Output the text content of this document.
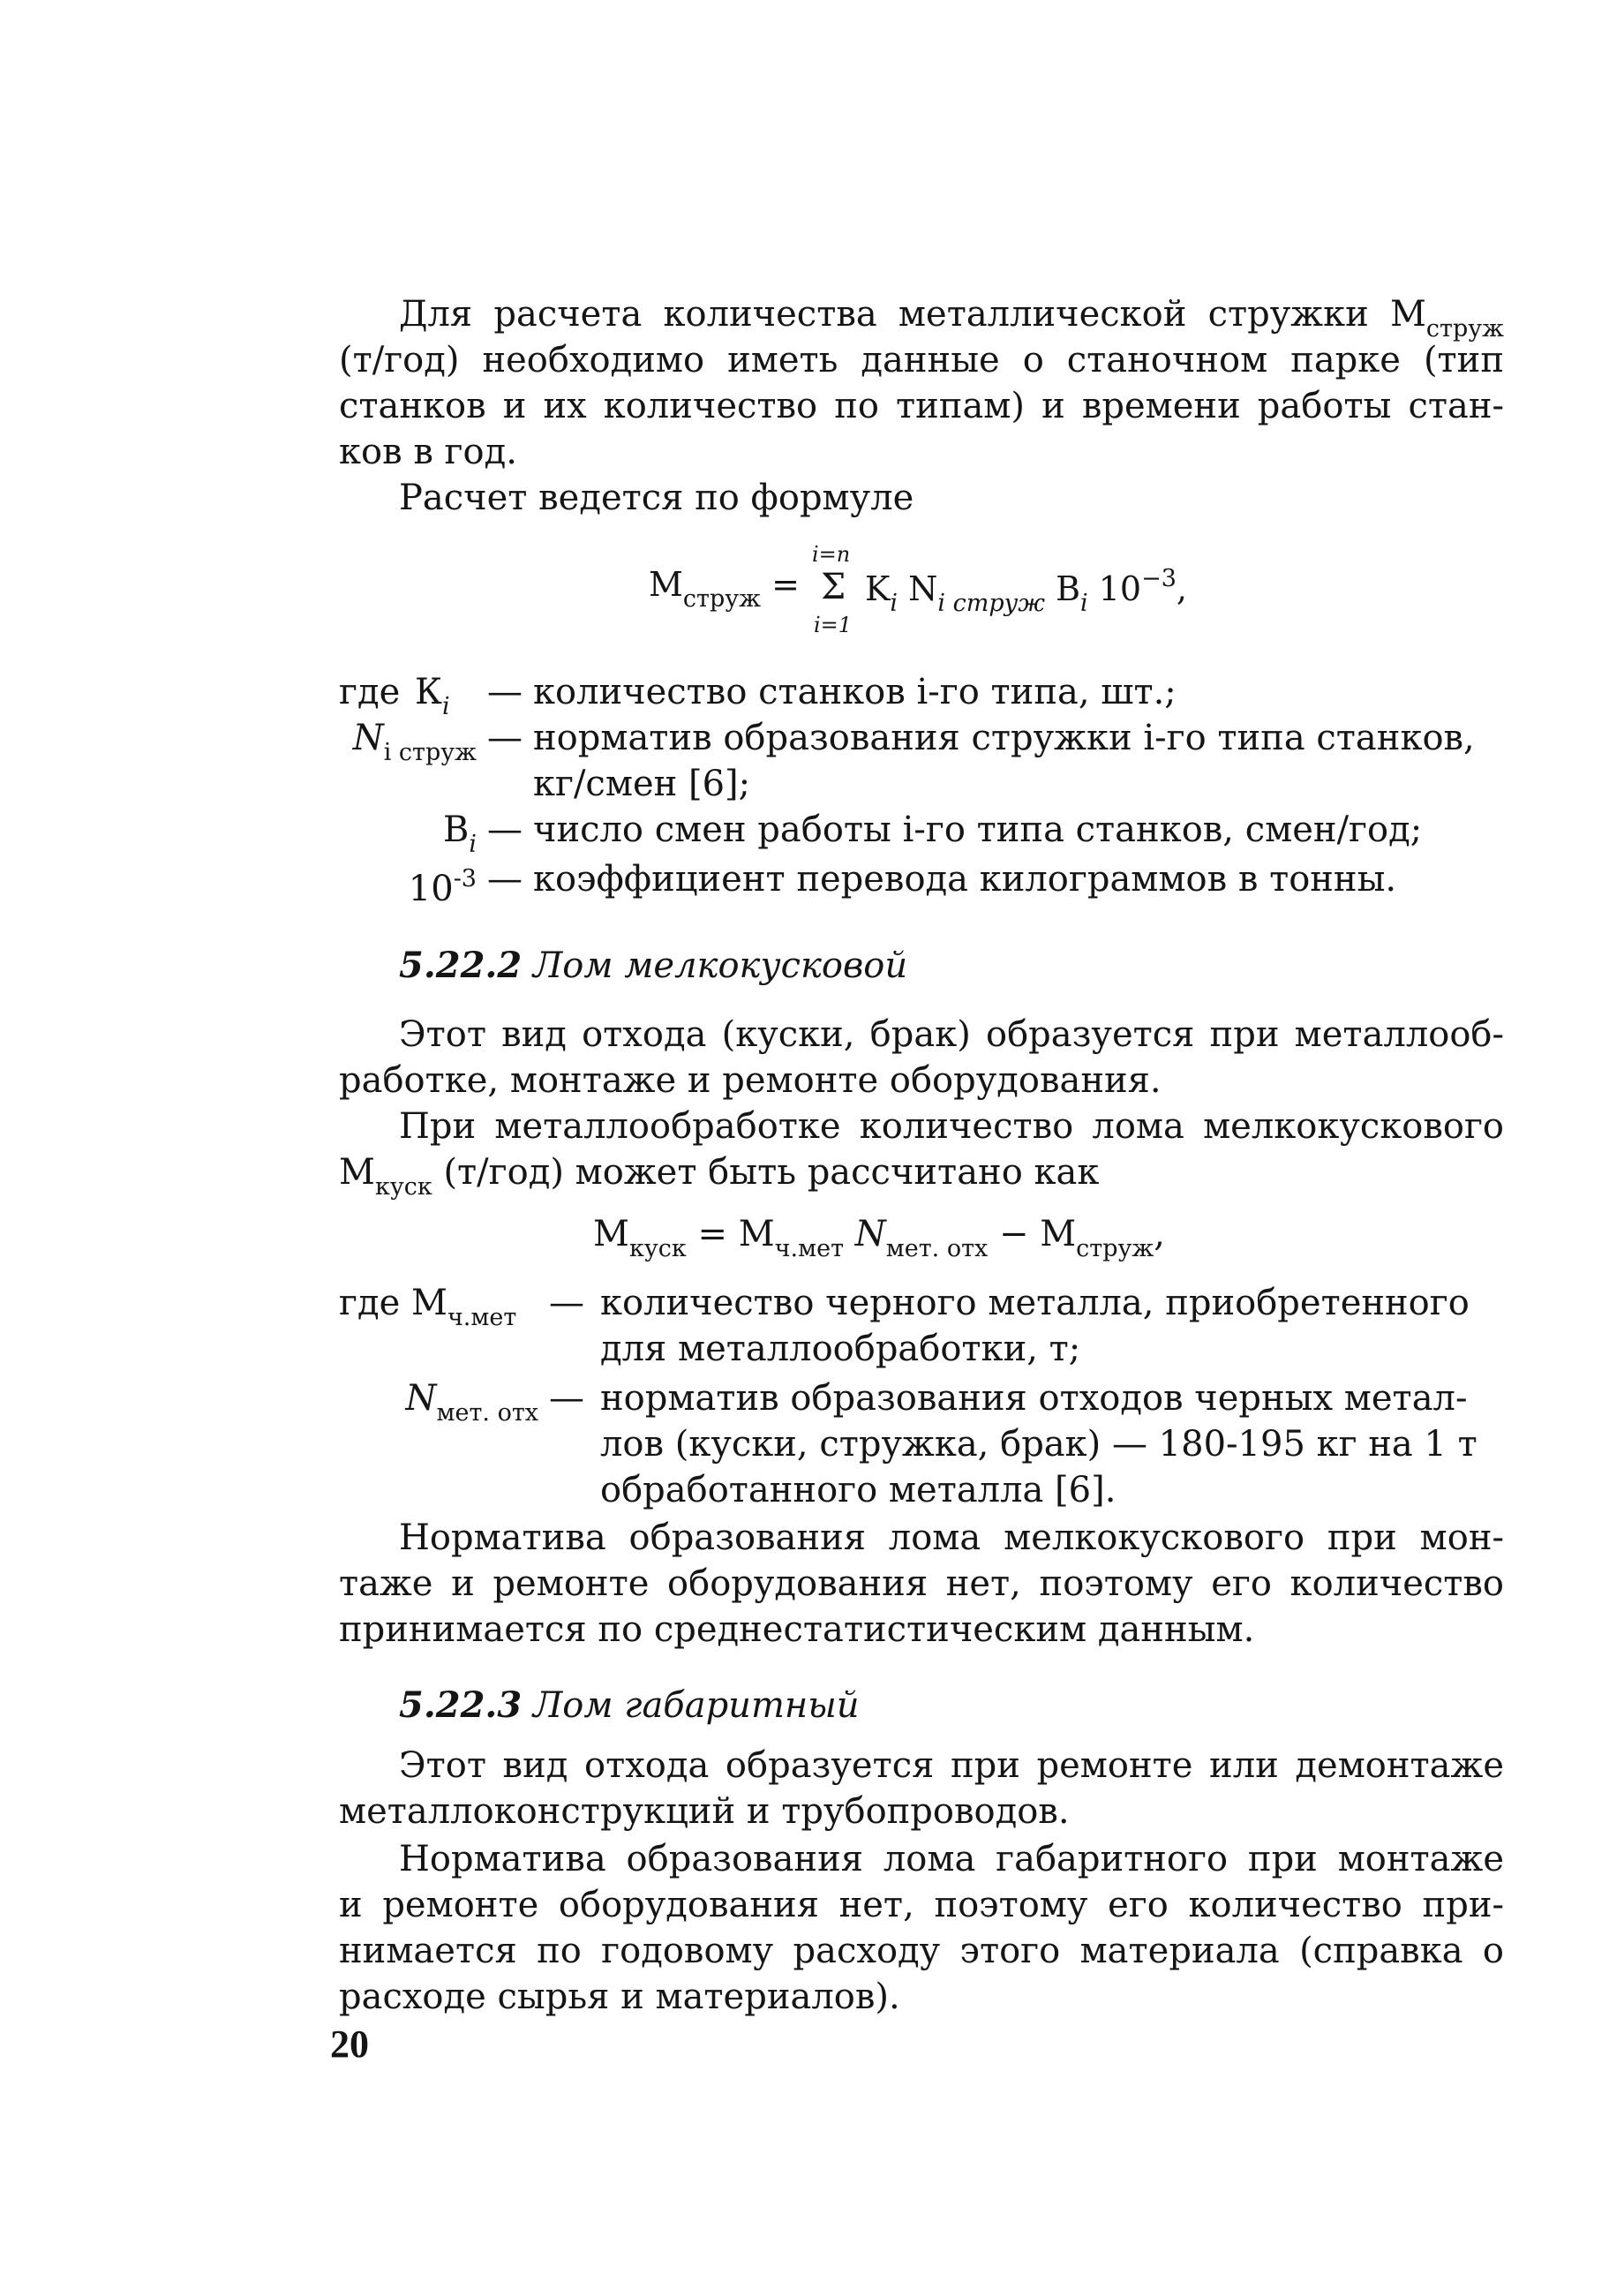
Для расчета количества металлической стружки $М_{струж}$
(т/год) необходимо иметь данные о станочном парке (тип
станков и их количество по типам) и времени работы стан-
ков в год.
Расчет ведется по формуле
$М_{струж}$ =
i=n
Σ
i=1
$K_i$ $N_{i струж}$ $B_i$ $10^{-3}$,
где $К_i$	— количество станков i-го типа, шт.;
$N_{i струж}$ — норматив образования стружки i-го типа станков,
кг/смен [6];
$В_i$ — число смен работы i-го типа станков, смен/год;
$10^{-3}$ — коэффициент перевода килограммов в тонны.
5.22.2 Лом мелкокусковой
Этот вид отхода (куски, брак) образуется при металлооб-
работке, монтаже и ремонте оборудования.
При металлообработке количество лома мелкокускового
$М_{куск}$ (т/год) может быть рассчитано как
$М_{куск} = М_{ч.мет}$ $N_{мет. отх} - М_{струж}$,
где $М_{ч.мет}$ — количество черного металла, приобретенного
для металлообработки, т;
$N_{мет. отх}$ — норматив образования отходов черных метал-
лов (куски, стружка, брак) — 180-195 кг на 1 т
обработанного металла [6].
Норматива образования лома мелкокускового при мон-
таже и ремонте оборудования нет, поэтому его количество
принимается по среднестатистическим данным.
5.22.3 Лом габаритный
Этот вид отхода образуется при ремонте или демонтаже
металлоконструкций и трубопроводов.
Норматива образования лома габаритного при монтаже
и ремонте оборудования нет, поэтому его количество при-
нимается по годовому расходу этого материала (справка о
расходе сырья и материалов).
20
